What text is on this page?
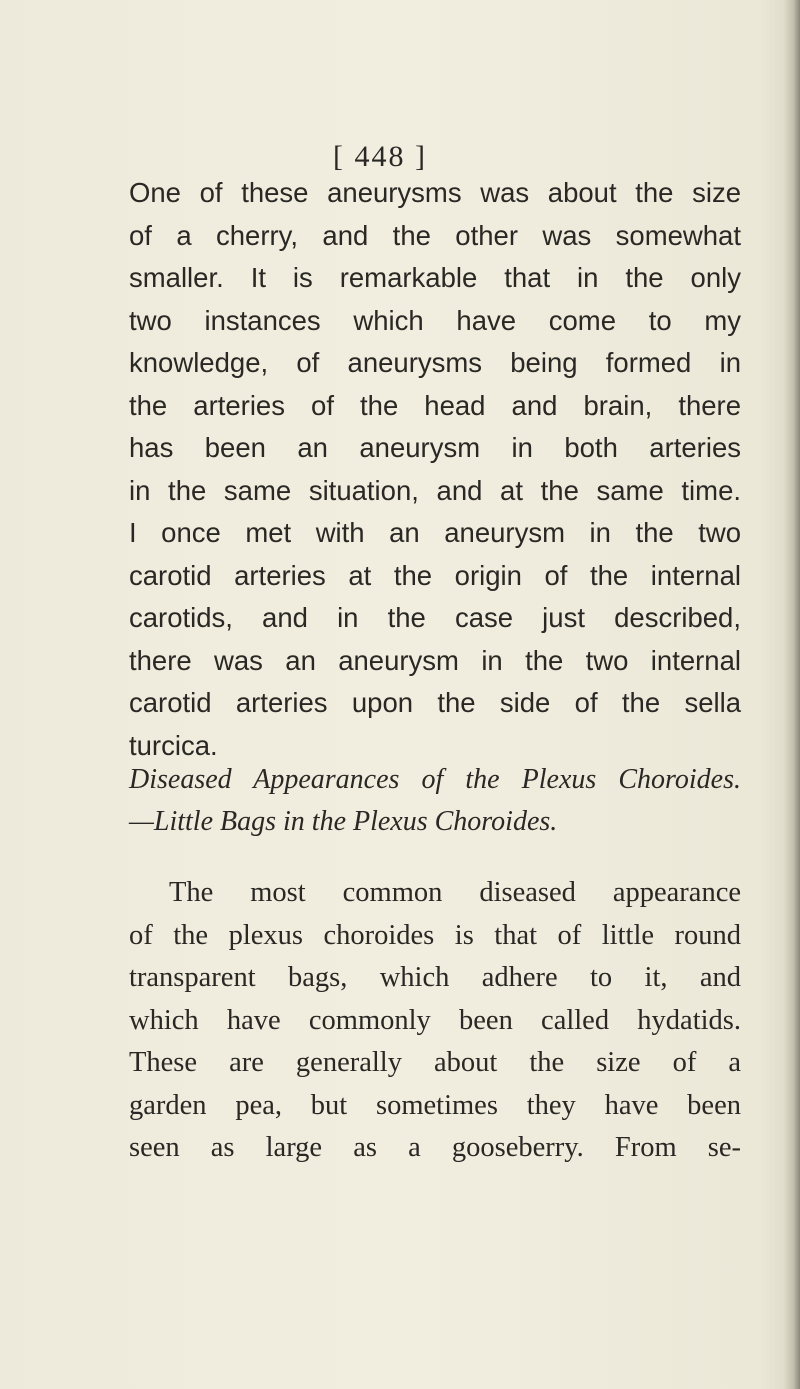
[ 448 ]
One of these aneurysms was about the size
of a cherry, and the other was somewhat
smaller. It is remarkable that in the only
two instances which have come to my
knowledge, of aneurysms being formed in
the arteries of the head and brain, there
has been an aneurysm in both arteries
in the same situation, and at the same time.
I once met with an aneurysm in the two
carotid arteries at the origin of the internal
carotids, and in the case just described,
there was an aneurysm in the two internal
carotid arteries upon the side of the sella
turcica.
Diseased Appearances of the Plexus Choroides.
—Little Bags in the Plexus Choroides.
The most common diseased appearance
of the plexus choroides is that of little round
transparent bags, which adhere to it, and
which have commonly been called hydatids.
These are generally about the size of a
garden pea, but sometimes they have been
seen as large as a gooseberry. From se-
